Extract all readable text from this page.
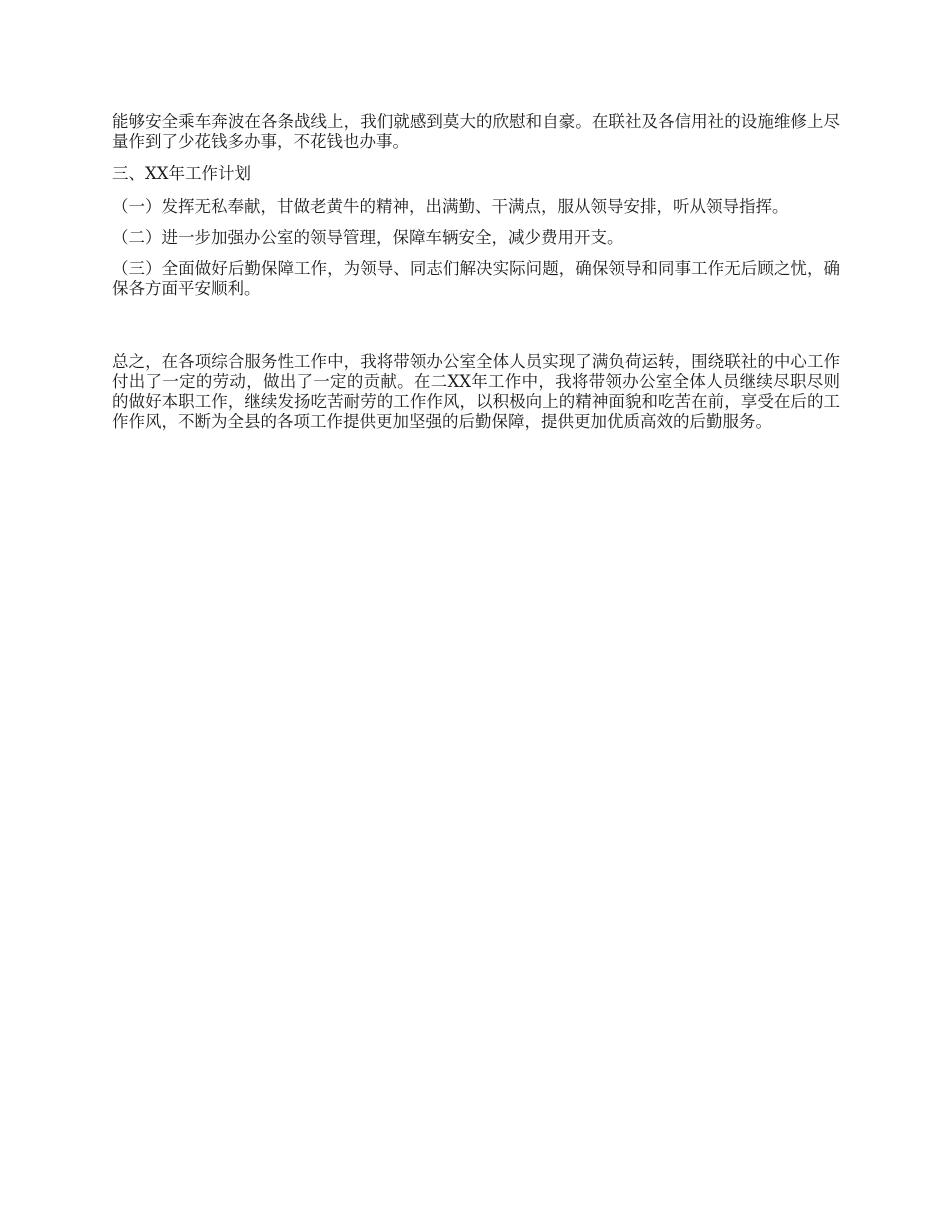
能够安全乘车奔波在各条战线上，我们就感到莫大的欣慰和自豪。在联社及各信用社的设施维修上尽量作到了少花钱多办事，不花钱也办事。

三、XX年工作计划

（一）发挥无私奉献，甘做老黄牛的精神，出满勤、干满点，服从领导安排，听从领导指挥。

（二）进一步加强办公室的领导管理，保障车辆安全，减少费用开支。

（三）全面做好后勤保障工作，为领导、同志们解决实际问题，确保领导和同事工作无后顾之忧，确保各方面平安顺利。

总之，在各项综合服务性工作中，我将带领办公室全体人员实现了满负荷运转，围绕联社的中心工作付出了一定的劳动，做出了一定的贡献。在二XX年工作中，我将带领办公室全体人员继续尽职尽则的做好本职工作，继续发扬吃苦耐劳的工作作风，以积极向上的精神面貌和吃苦在前，享受在后的工作作风，不断为全县的各项工作提供更加坚强的后勤保障，提供更加优质高效的后勤服务。
